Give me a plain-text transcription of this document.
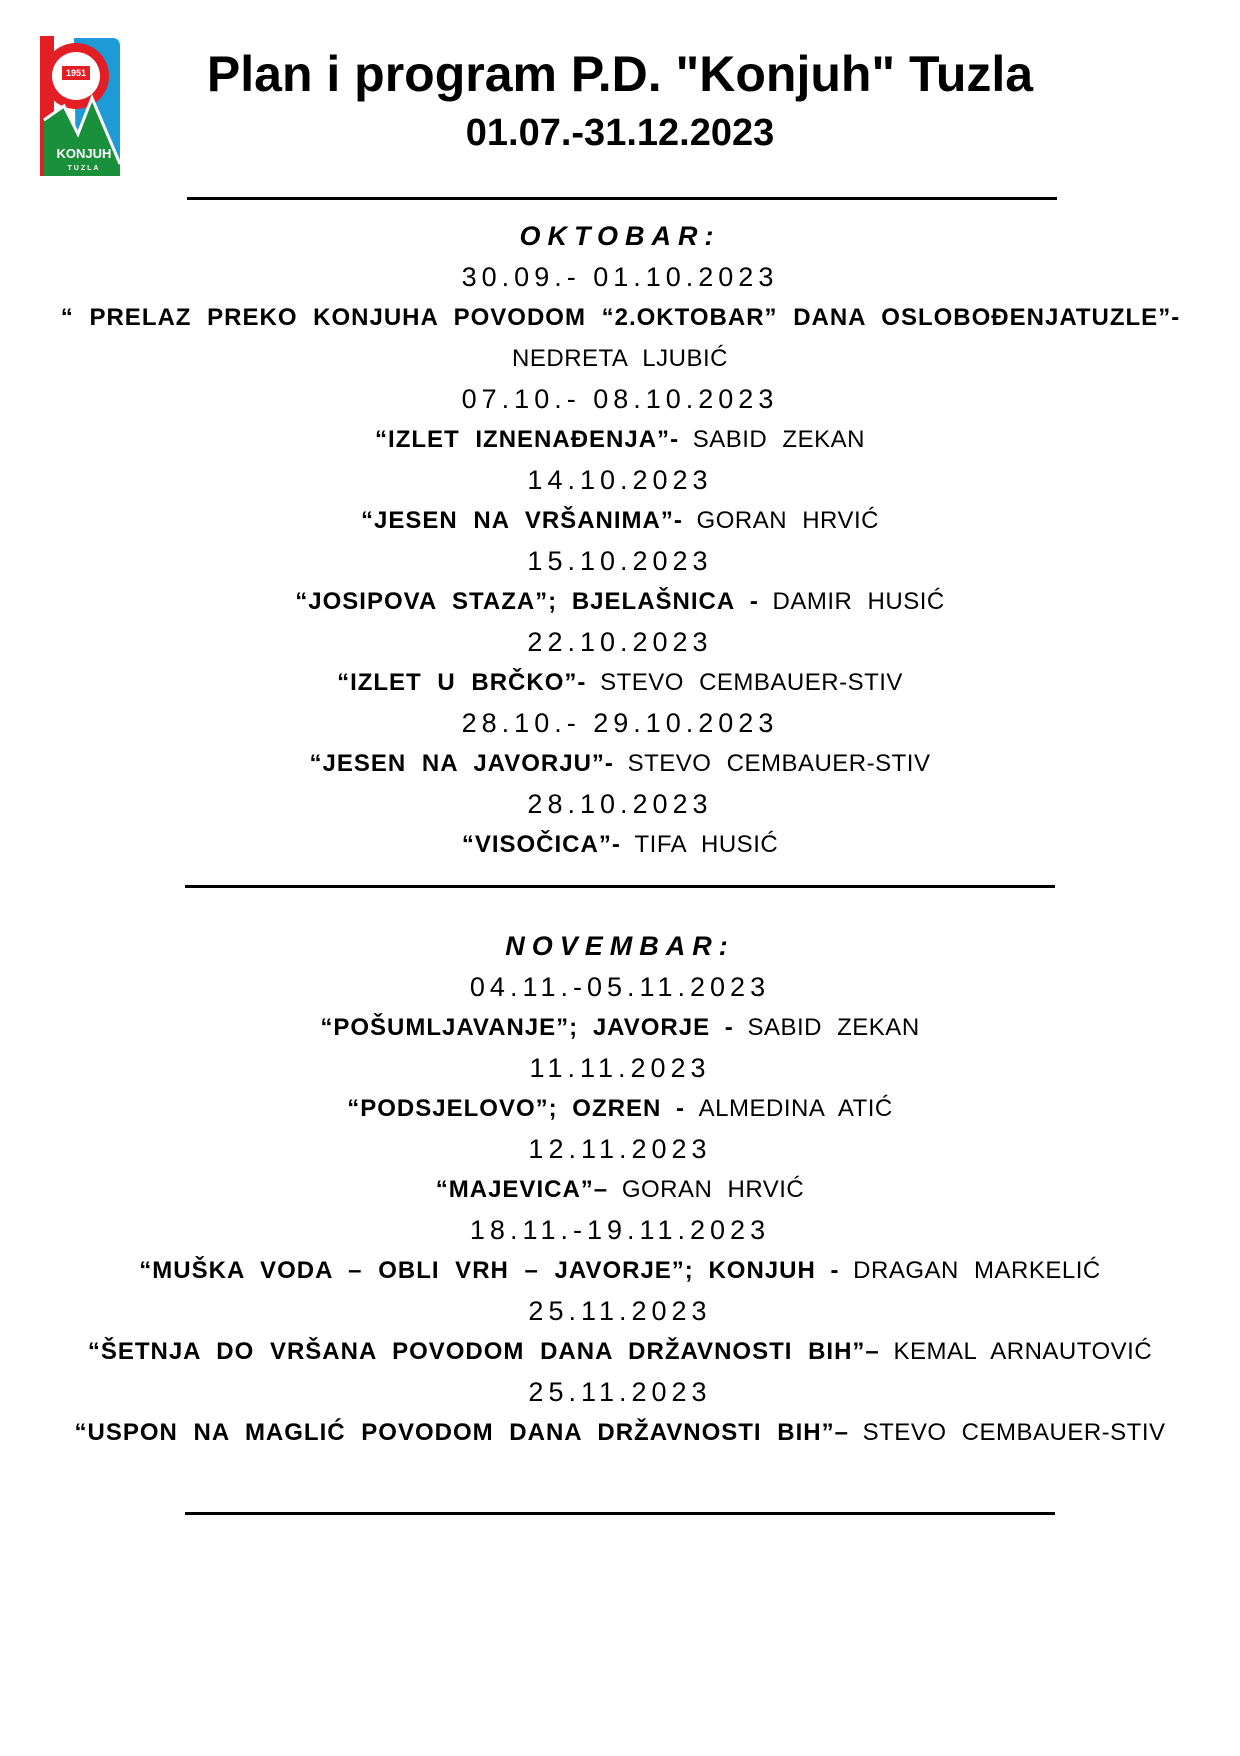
1951
KONJUH
TUZLA
Plan i program P.D. "Konjuh" Tuzla
01.07.-31.12.2023
OKTOBAR:
30.09.- 01.10.2023
“ PRELAZ PREKO KONJUHA POVODOM “2.OKTOBAR” DANA OSLOBOĐENJATUZLE”- NEDRETA LJUBIĆ
07.10.- 08.10.2023
“IZLET IZNENAĐENJA”- SABID ZEKAN
14.10.2023
“JESEN NA VRŠANIMA”- GORAN HRVIĆ
15.10.2023
“JOSIPOVA STAZA”; BJELAŠNICA - DAMIR HUSIĆ
22.10.2023
“IZLET U BRČKO”- STEVO CEMBAUER-STIV
28.10.- 29.10.2023
“JESEN NA JAVORJU”- STEVO CEMBAUER-STIV
28.10.2023
“VISOČICA”- TIFA HUSIĆ
NOVEMBAR:
04.11.-05.11.2023
“POŠUMLJAVANJE”; JAVORJE - SABID ZEKAN
11.11.2023
“PODSJELOVO”; OZREN - ALMEDINA ATIĆ
12.11.2023
“MAJEVICA”– GORAN HRVIĆ
18.11.-19.11.2023
“MUŠKA VODA – OBLI VRH – JAVORJE”; KONJUH - DRAGAN MARKELIĆ
25.11.2023
“ŠETNJA DO VRŠANA POVODOM DANA DRŽAVNOSTI BIH”– KEMAL ARNAUTOVIĆ
25.11.2023
“USPON NA MAGLIĆ POVODOM DANA DRŽAVNOSTI BIH”– STEVO CEMBAUER-STIV
